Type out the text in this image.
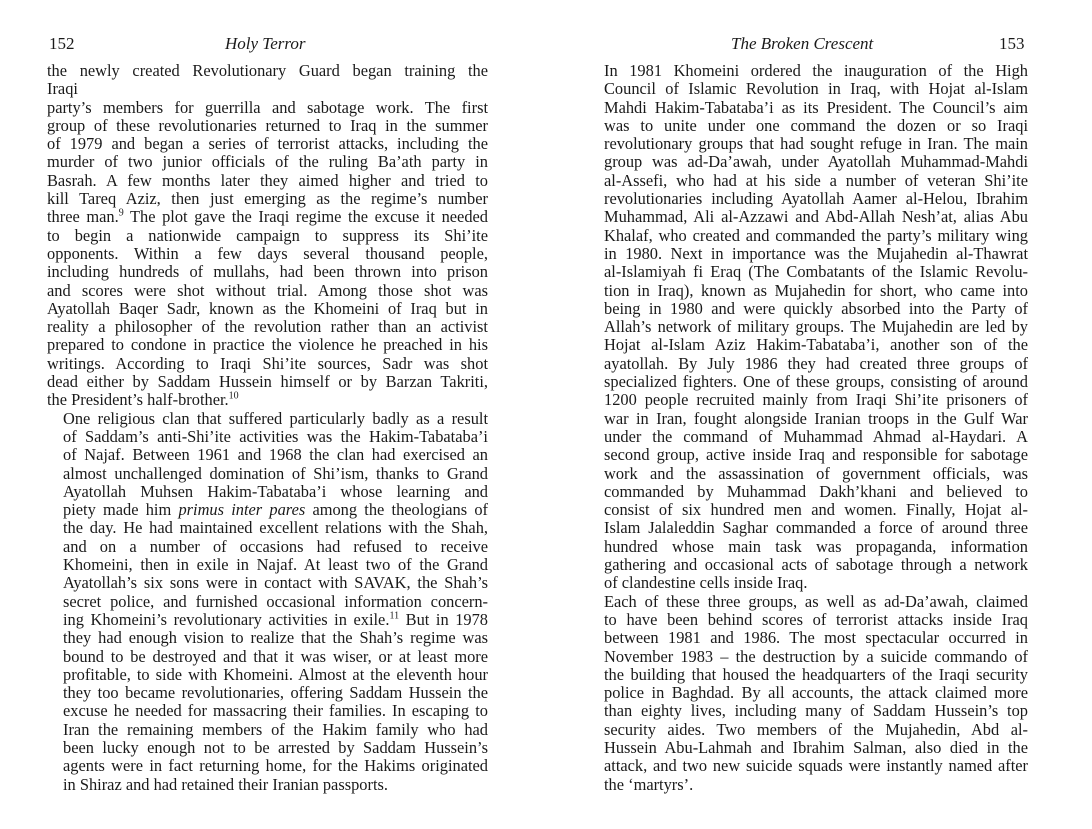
152	Holy Terror

the newly created Revolutionary Guard began training the
Iraqi
party’s members for guerrilla and sabotage work. The first
group of these revolutionaries returned to Iraq in the summer
of 1979 and began a series of terrorist attacks, including the
murder of two junior officials of the ruling Ba’ath party in
Basrah. A few months later they aimed higher and tried to
kill Tareq Aziz, then just emerging as the regime’s number
three man.$^9$ The plot gave the Iraqi regime the excuse it needed
to begin a nationwide campaign to suppress its Shi’ite
opponents. Within a few days several thousand people,
including hundreds of mullahs, had been thrown into prison
and scores were shot without trial. Among those shot was
Ayatollah Baqer Sadr, known as the Khomeini of Iraq but in
reality a philosopher of the revolution rather than an activist
prepared to condone in practice the violence he preached in his
writings. According to Iraqi Shi’ite sources, Sadr was shot
dead either by Saddam Hussein himself or by Barzan Takriti,
the President’s half-brother.$^{10}$

One religious clan that suffered particularly badly as a result
of Saddam’s anti-Shi’ite activities was the Hakim-Tabataba’i
of Najaf. Between 1961 and 1968 the clan had exercised an
almost unchallenged domination of Shi’ism, thanks to Grand
Ayatollah Muhsen Hakim-Tabataba’i whose learning and
piety made him primus inter pares among the theologians of
the day. He had maintained excellent relations with the Shah,
and on a number of occasions had refused to receive
Khomeini, then in exile in Najaf. At least two of the Grand
Ayatollah’s six sons were in contact with SAVAK, the Shah’s
secret police, and furnished occasional information concern-
ing Khomeini’s revolutionary activities in exile.$^{11}$ But in 1978
they had enough vision to realize that the Shah’s regime was
bound to be destroyed and that it was wiser, or at least more
profitable, to side with Khomeini. Almost at the eleventh hour
they too became revolutionaries, offering Saddam Hussein the
excuse he needed for massacring their families. In escaping to
Iran the remaining members of the Hakim family who had
been lucky enough not to be arrested by Saddam Hussein’s
agents were in fact returning home, for the Hakims originated
in Shiraz and had retained their Iranian passports.

The Broken Crescent	153

In 1981 Khomeini ordered the inauguration of the High
Council of Islamic Revolution in Iraq, with Hojat al-Islam
Mahdi Hakim-Tabataba’i as its President. The Council’s aim
was to unite under one command the dozen or so Iraqi
revolutionary groups that had sought refuge in Iran. The main
group was ad-Da’awah, under Ayatollah Muhammad-Mahdi
al-Assefi, who had at his side a number of veteran Shi’ite
revolutionaries including Ayatollah Aamer al-Helou, Ibrahim
Muhammad, Ali al-Azzawi and Abd-Allah Nesh’at, alias Abu
Khalaf, who created and commanded the party’s military wing
in 1980. Next in importance was the Mujahedin al-Thawrat
al-Islamiyah fi Eraq (The Combatants of the Islamic Revolu-
tion in Iraq), known as Mujahedin for short, who came into
being in 1980 and were quickly absorbed into the Party of
Allah’s network of military groups. The Mujahedin are led by
Hojat al-Islam Aziz Hakim-Tabataba’i, another son of the
ayatollah. By July 1986 they had created three groups of
specialized fighters. One of these groups, consisting of around
1200 people recruited mainly from Iraqi Shi’ite prisoners of
war in Iran, fought alongside Iranian troops in the Gulf War
under the command of Muhammad Ahmad al-Haydari. A
second group, active inside Iraq and responsible for sabotage
work and the assassination of government officials, was
commanded by Muhammad Dakh’khani and believed to
consist of six hundred men and women. Finally, Hojat al-
Islam Jalaleddin Saghar commanded a force of around three
hundred whose main task was propaganda, information
gathering and occasional acts of sabotage through a network
of clandestine cells inside Iraq.

Each of these three groups, as well as ad-Da’awah, claimed
to have been behind scores of terrorist attacks inside Iraq
between 1981 and 1986. The most spectacular occurred in
November 1983 – the destruction by a suicide commando of
the building that housed the headquarters of the Iraqi security
police in Baghdad. By all accounts, the attack claimed more
than eighty lives, including many of Saddam Hussein’s top
security aides. Two members of the Mujahedin, Abd al-
Hussein Abu-Lahmah and Ibrahim Salman, also died in the
attack, and two new suicide squads were instantly named after
the ‘martyrs’.
